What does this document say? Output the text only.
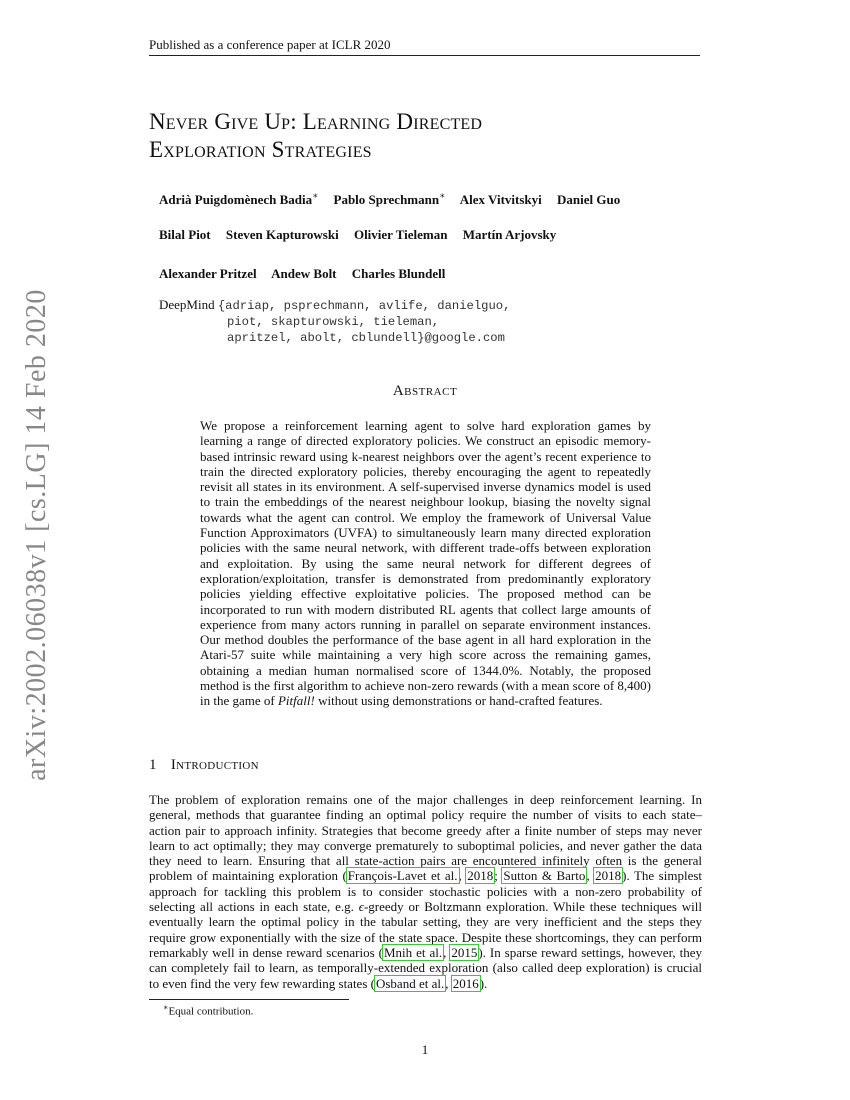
Published as a conference paper at ICLR 2020
arXiv:2002.06038v1 [cs.LG] 14 Feb 2020
Never Give Up: Learning Directed
Exploration Strategies
Adrià Puigdomènech Badia∗ Pablo Sprechmann∗ Alex Vitvitskyi Daniel Guo
Bilal Piot Steven Kapturowski Olivier Tieleman Martín Arjovsky
Alexander Pritzel Andew Bolt Charles Blundell
DeepMind {adriap, psprechmann, avlife, danielguo,
piot, skapturowski, tieleman,
apritzel, abolt, cblundell}@google.com
Abstract
We propose a reinforcement learning agent to solve hard exploration games by learning a range of directed exploratory policies. We construct an episodic memory-based intrinsic reward using k-nearest neighbors over the agent’s recent experience to train the directed exploratory policies, thereby encouraging the agent to repeatedly revisit all states in its environment. A self-supervised inverse dynamics model is used to train the embeddings of the nearest neighbour lookup, biasing the novelty signal towards what the agent can control. We employ the framework of Universal Value Function Approximators (UVFA) to simultaneously learn many directed exploration policies with the same neural network, with different trade-offs between exploration and exploitation. By using the same neural network for different degrees of exploration/exploitation, transfer is demonstrated from predominantly exploratory policies yielding effective exploitative policies. The proposed method can be incorporated to run with modern distributed RL agents that collect large amounts of experience from many actors running in parallel on separate environment instances. Our method doubles the performance of the base agent in all hard exploration in the Atari-57 suite while maintaining a very high score across the remaining games, obtaining a median human normalised score of 1344.0%. Notably, the proposed method is the first algorithm to achieve non-zero rewards (with a mean score of 8,400) in the game of Pitfall! without using demonstrations or hand-crafted features.
1 Introduction
The problem of exploration remains one of the major challenges in deep reinforcement learning. In general, methods that guarantee finding an optimal policy require the number of visits to each state–action pair to approach infinity. Strategies that become greedy after a finite number of steps may never learn to act optimally; they may converge prematurely to suboptimal policies, and never gather the data they need to learn. Ensuring that all state-action pairs are encountered infinitely often is the general problem of maintaining exploration (François-Lavet et al., 2018; Sutton & Barto, 2018). The simplest approach for tackling this problem is to consider stochastic policies with a non-zero probability of selecting all actions in each state, e.g. ϵ-greedy or Boltzmann exploration. While these techniques will eventually learn the optimal policy in the tabular setting, they are very inefficient and the steps they require grow exponentially with the size of the state space. Despite these shortcomings, they can perform remarkably well in dense reward scenarios (Mnih et al., 2015). In sparse reward settings, however, they can completely fail to learn, as temporally-extended exploration (also called deep exploration) is crucial to even find the very few rewarding states (Osband et al., 2016).
∗Equal contribution.
1
